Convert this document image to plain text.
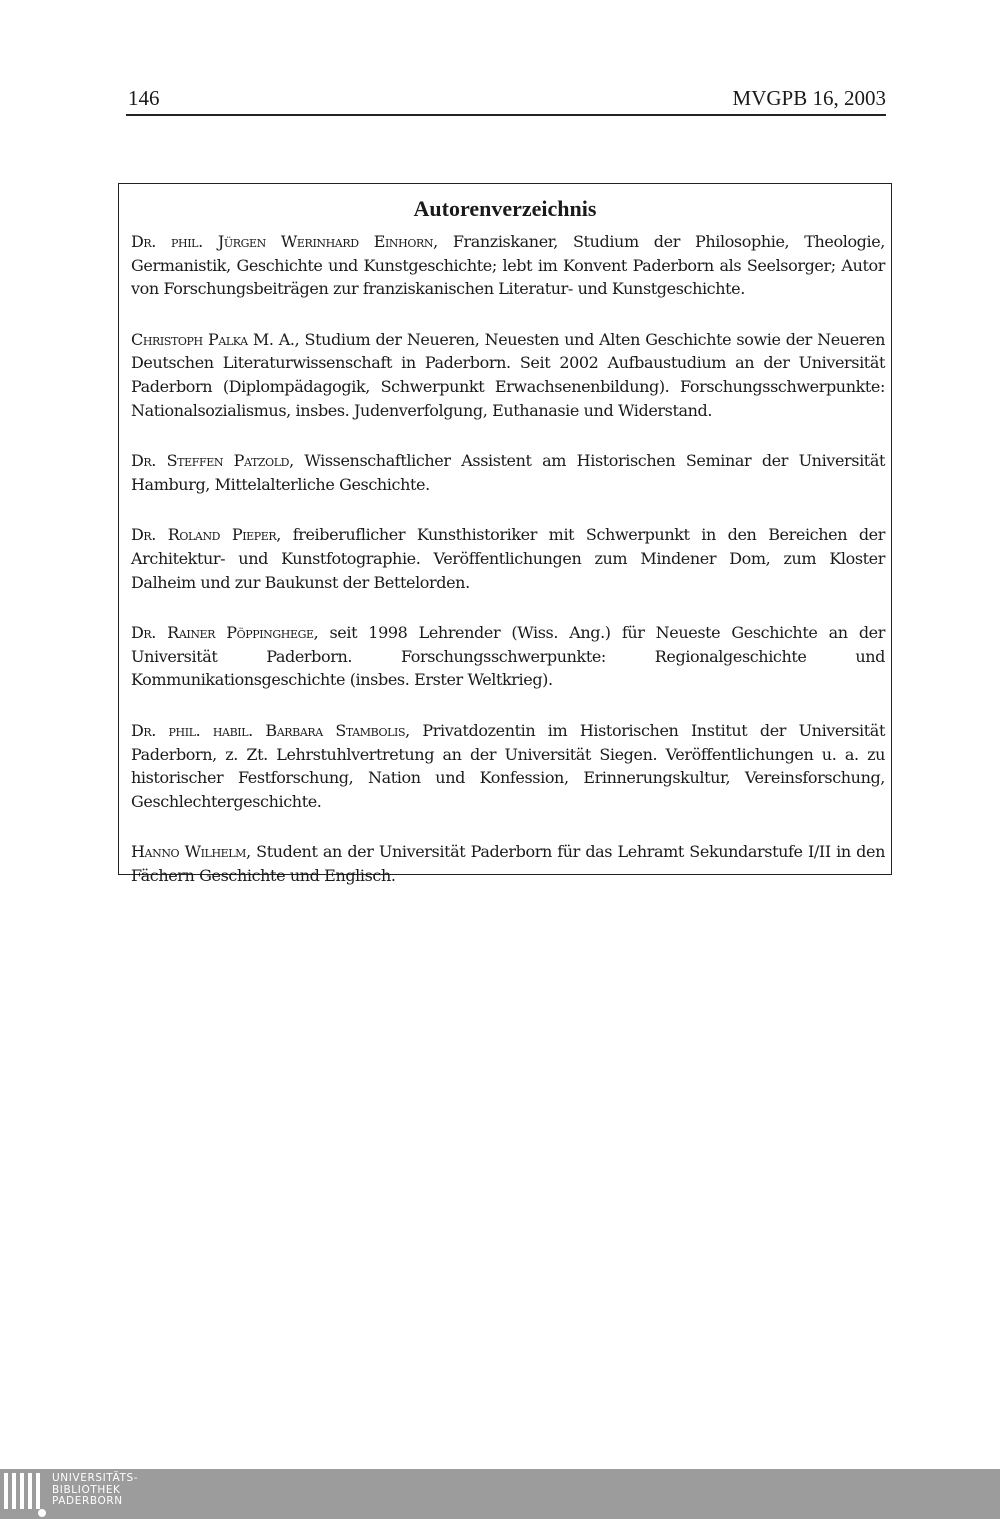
146	MVGPB 16, 2003
Autorenverzeichnis

Dr. phil. Jürgen Werinhard Einhorn, Franziskaner, Studium der Philosophie, Theologie, Germanistik, Geschichte und Kunstgeschichte; lebt im Konvent Paderborn als Seelsorger; Autor von Forschungsbeiträgen zur franziskanischen Literatur- und Kunstgeschichte.

Christoph Palka M. A., Studium der Neueren, Neuesten und Alten Geschichte sowie der Neueren Deutschen Literaturwissenschaft in Paderborn. Seit 2002 Aufbaustudium an der Universität Paderborn (Diplompädagogik, Schwerpunkt Erwachsenenbildung). Forschungsschwerpunkte: Nationalsozialismus, insbes. Judenverfolgung, Euthanasie und Widerstand.

Dr. Steffen Patzold, Wissenschaftlicher Assistent am Historischen Seminar der Universität Hamburg, Mittelalterliche Geschichte.

Dr. Roland Pieper, freiberuflicher Kunsthistoriker mit Schwerpunkt in den Bereichen der Architektur- und Kunstfotographie. Veröffentlichungen zum Mindener Dom, zum Kloster Dalheim und zur Baukunst der Bettelorden.

Dr. Rainer Pöppinghege, seit 1998 Lehrender (Wiss. Ang.) für Neueste Geschichte an der Universität Paderborn. Forschungsschwerpunkte: Regionalgeschichte und Kommunikationsgeschichte (insbes. Erster Weltkrieg).

Dr. phil. habil. Barbara Stambolis, Privatdozentin im Historischen Institut der Universität Paderborn, z. Zt. Lehrstuhlvertretung an der Universität Siegen. Veröffentlichungen u. a. zu historischer Festforschung, Nation und Konfession, Erinnerungskultur, Vereinsforschung, Geschlechtergeschichte.

Hanno Wilhelm, Student an der Universität Paderborn für das Lehramt Sekundarstufe I/II in den Fächern Geschichte und Englisch.

UNIVERSITÄTS-
BIBLIOTHEK
PADERBORN
